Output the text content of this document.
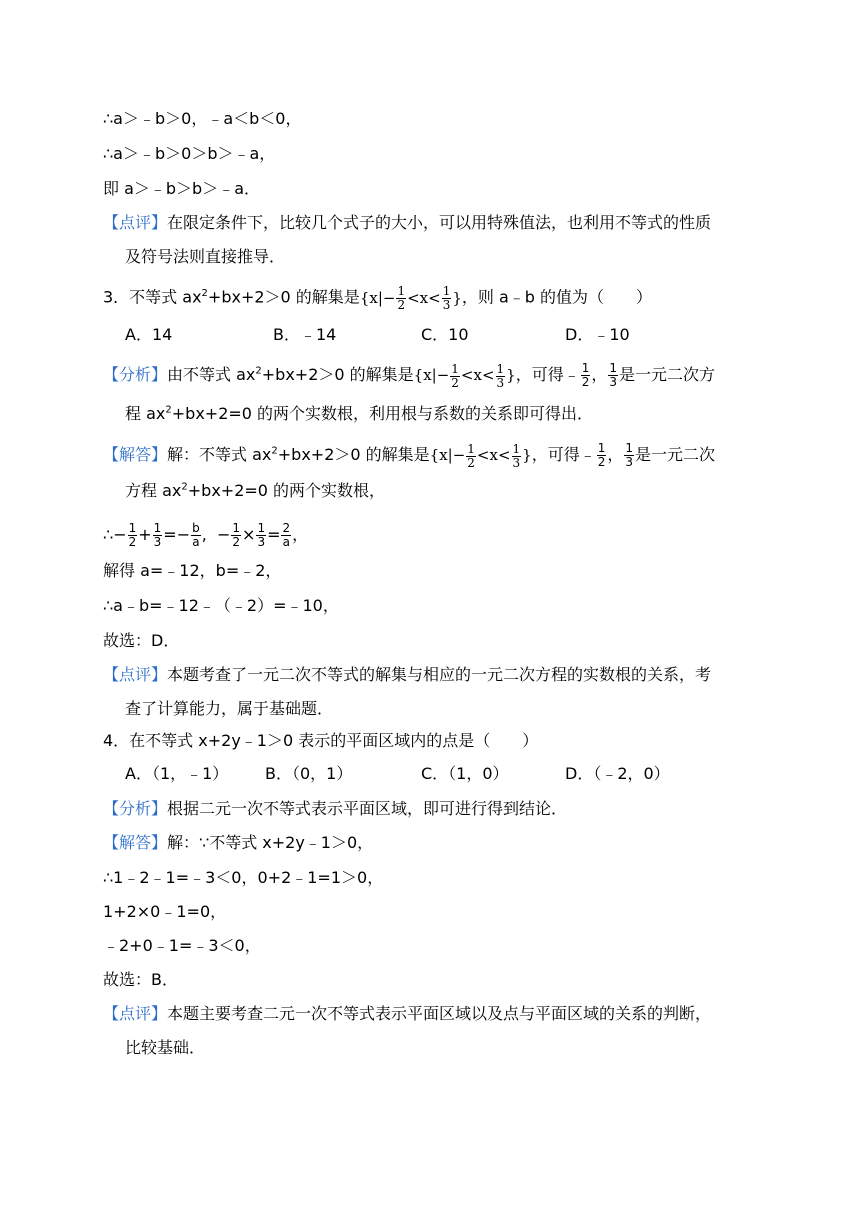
∴a＞﹣b＞0，﹣a＜b＜0，
∴a＞﹣b＞0＞b＞﹣a，
即 a＞﹣b＞b＞﹣a．
【点评】在限定条件下，比较几个式子的大小，可以用特殊值法，也利用不等式的性质
及符号法则直接推导．
3．不等式 $ax^2+bx+2>0$ 的解集是{$x|- \frac{1}{2} <x< \frac{1}{3}$ }，则 a﹣b 的值为（　　）
A．14	B．﹣14	C．10	D．﹣10
【分析】由不等式 $ax^2+bx+2>0$ 的解集是{$x|- \frac{1}{2} <x< \frac{1}{3}$ }，可得﹣ $\frac{1}{2}$ ， $\frac{1}{3}$ 是一元二次方
程 $ax^2+bx+2=0$ 的两个实数根，利用根与系数的关系即可得出．
【解答】解：不等式 $ax^2+bx+2>0$ 的解集是{$x|- \frac{1}{2} <x< \frac{1}{3}$ }，可得﹣ $\frac{1}{2}$ ， $\frac{1}{3}$ 是一元二次
方程 $ax^2+bx+2=0$ 的两个实数根，
∴− $\frac{1}{2} + \frac{1}{3} =- \frac{b}{a}$ , − $\frac{1}{2} \times \frac{1}{3} = \frac{2}{a}$ ，
解得 a=﹣12，b=﹣2，
∴a﹣b=﹣12﹣（﹣2）=﹣10，
故选：D．
【点评】本题考查了一元二次不等式的解集与相应的一元二次方程的实数根的关系，考
查了计算能力，属于基础题．
4．在不等式 x+2y﹣1＞0 表示的平面区域内的点是（　　）
A．（1，﹣1） B．（0，1）	C．（1，0）	D．（﹣2，0）
【分析】根据二元一次不等式表示平面区域，即可进行得到结论．
【解答】解：∵不等式 x+2y﹣1＞0，
∴1﹣2﹣1=﹣3＜0，0+2﹣1=1＞0，
1+2×0﹣1=0，
﹣2+0﹣1=﹣3＜0，
故选：B．
【点评】本题主要考查二元一次不等式表示平面区域以及点与平面区域的关系的判断，
比较基础．
